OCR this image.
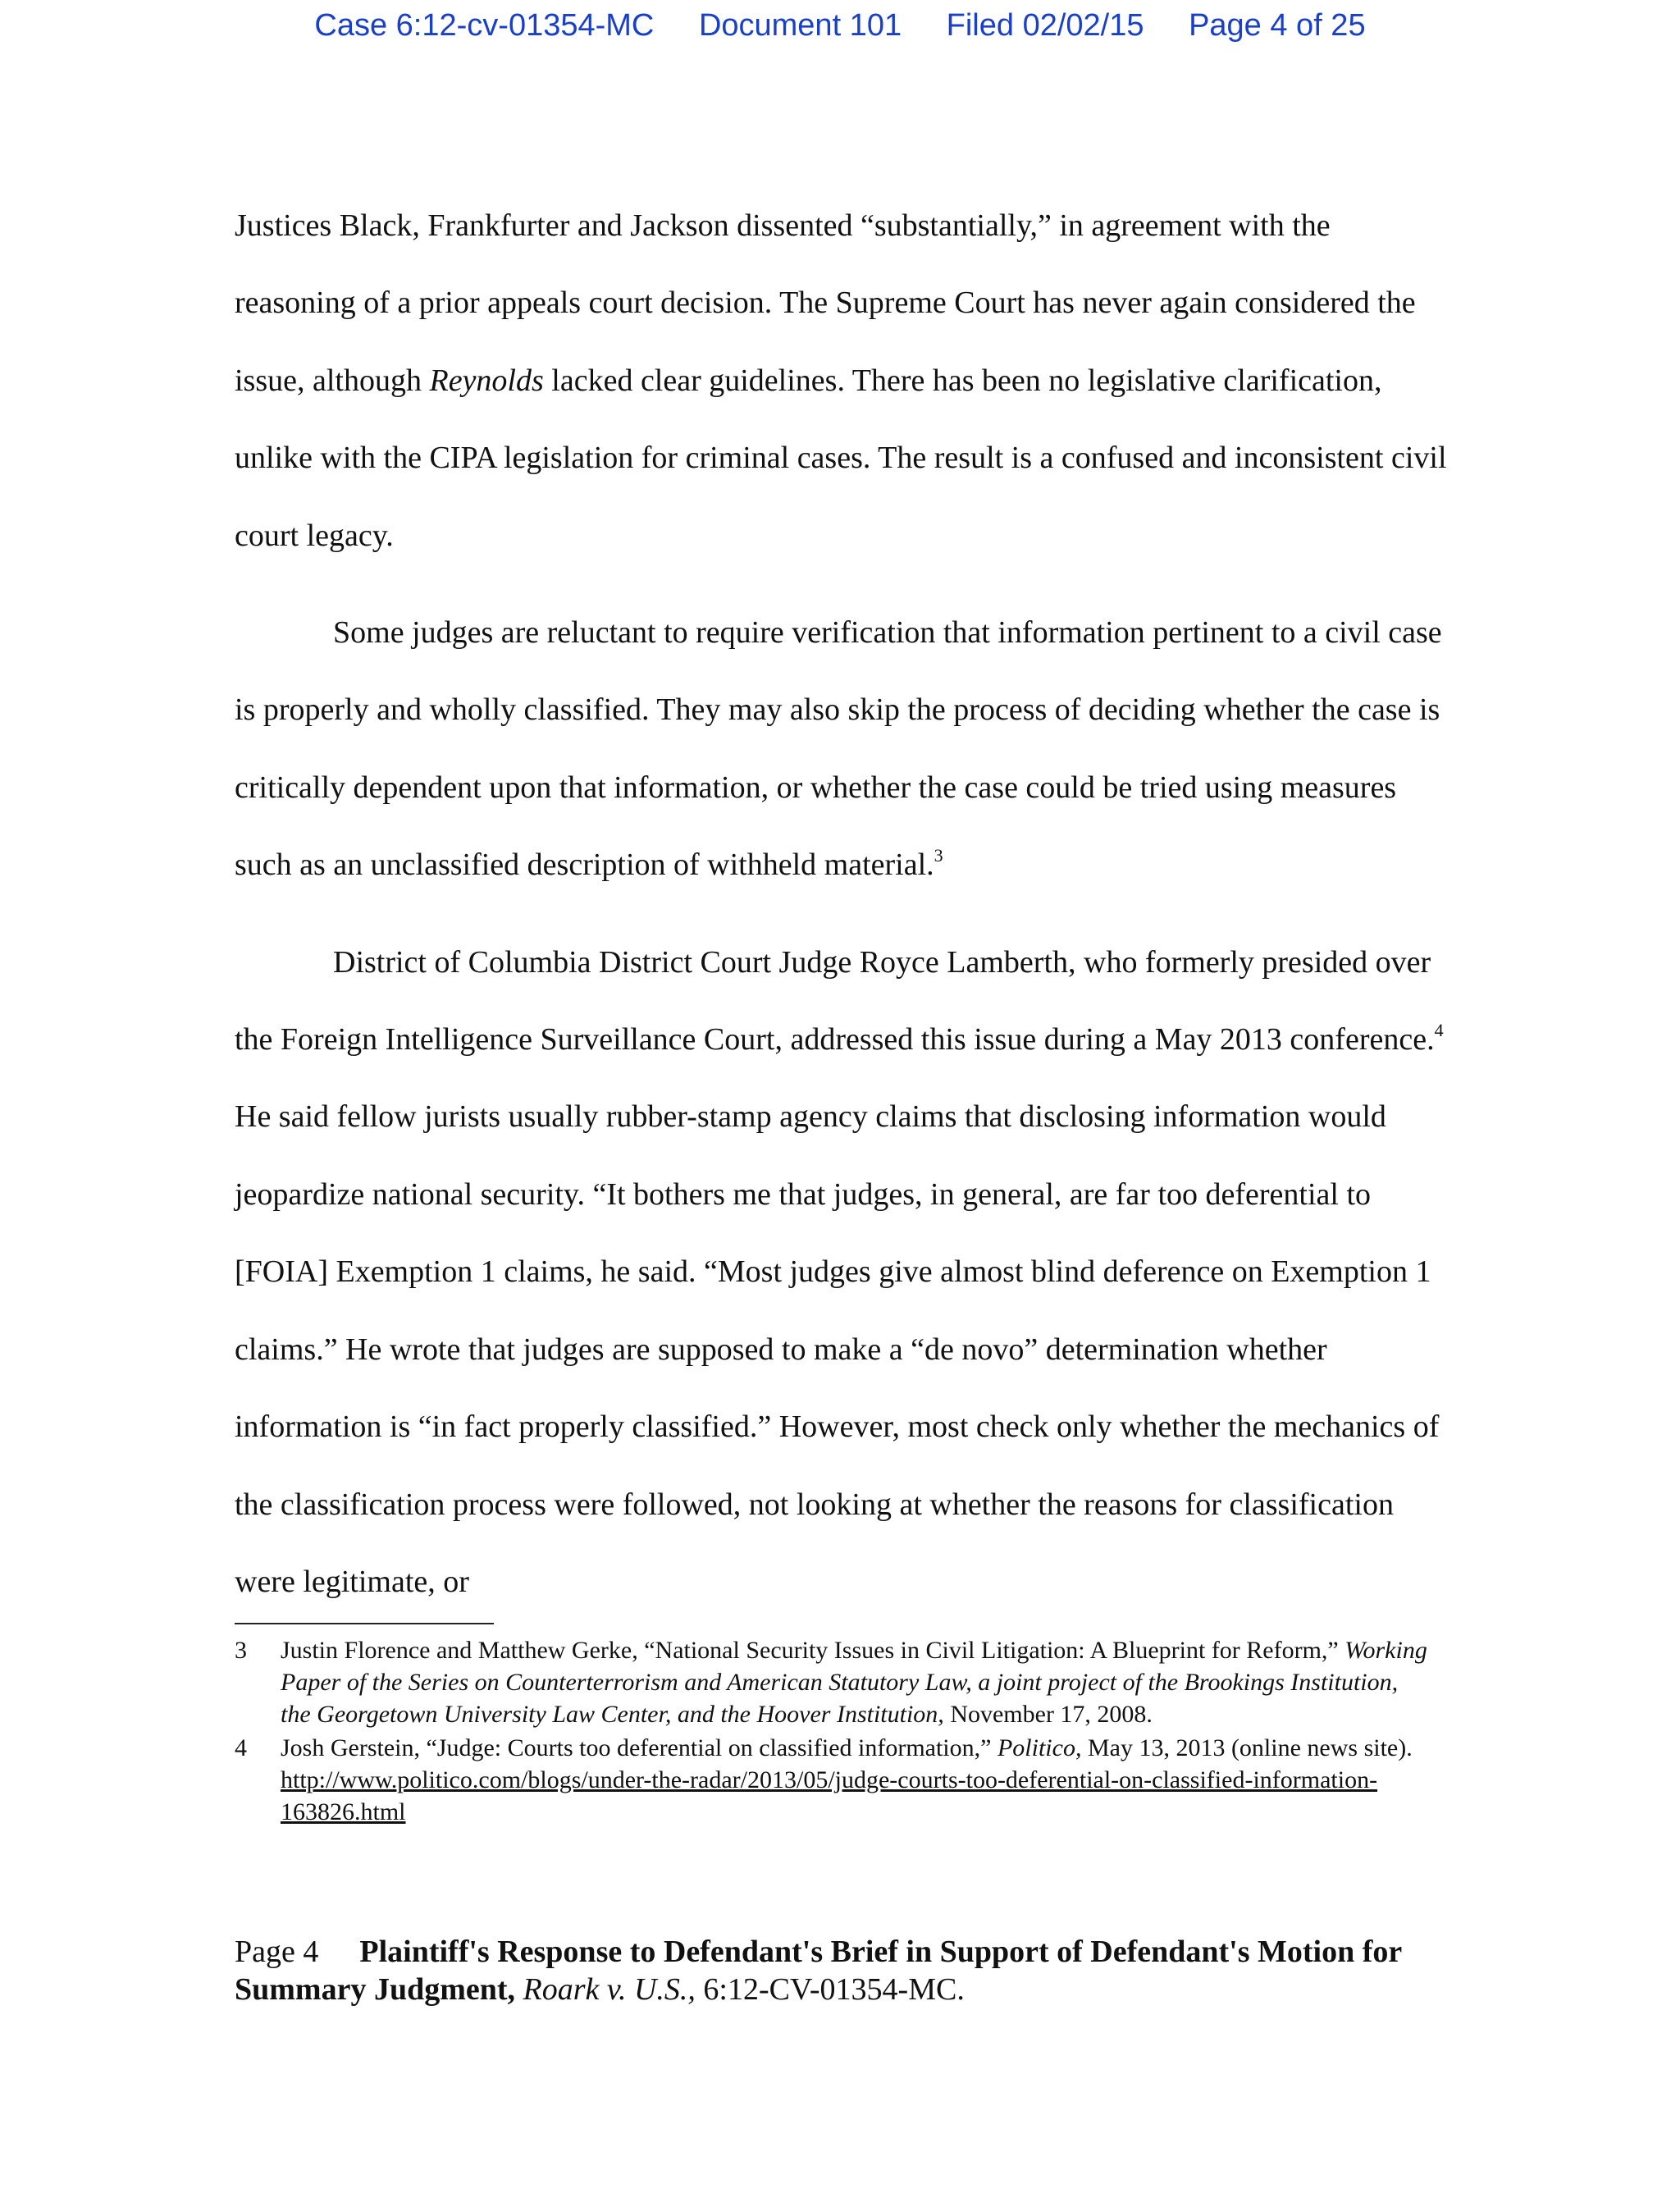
Case 6:12-cv-01354-MC Document 101 Filed 02/02/15 Page 4 of 25

Justices Black, Frankfurter and Jackson dissented “substantially,” in agreement with the reasoning of a prior appeals court decision. The Supreme Court has never again considered the issue, although Reynolds lacked clear guidelines. There has been no legislative clarification, unlike with the CIPA legislation for criminal cases. The result is a confused and inconsistent civil court legacy.

Some judges are reluctant to require verification that information pertinent to a civil case is properly and wholly classified. They may also skip the process of deciding whether the case is critically dependent upon that information, or whether the case could be tried using measures such as an unclassified description of withheld material.$^3$

District of Columbia District Court Judge Royce Lamberth, who formerly presided over the Foreign Intelligence Surveillance Court, addressed this issue during a May 2013 conference.$^4$ He said fellow jurists usually rubber-stamp agency claims that disclosing information would jeopardize national security. “It bothers me that judges, in general, are far too deferential to [FOIA] Exemption 1 claims, he said. “Most judges give almost blind deference on Exemption 1 claims.” He wrote that judges are supposed to make a “de novo” determination whether information is “in fact properly classified.” However, most check only whether the mechanics of the classification process were followed, not looking at whether the reasons for classification were legitimate, or

3 Justin Florence and Matthew Gerke, “National Security Issues in Civil Litigation: A Blueprint for Reform,” Working Paper of the Series on Counterterrorism and American Statutory Law, a joint project of the Brookings Institution, the Georgetown University Law Center, and the Hoover Institution, November 17, 2008.
4 Josh Gerstein, “Judge: Courts too deferential on classified information,” Politico, May 13, 2013 (online news site). http://www.politico.com/blogs/under-the-radar/2013/05/judge-courts-too-deferential-on-classified-information-163826.html
Page 4 Plaintiff's Response to Defendant's Brief in Support of Defendant's Motion for Summary Judgment, Roark v. U.S., 6:12-CV-01354-MC.
